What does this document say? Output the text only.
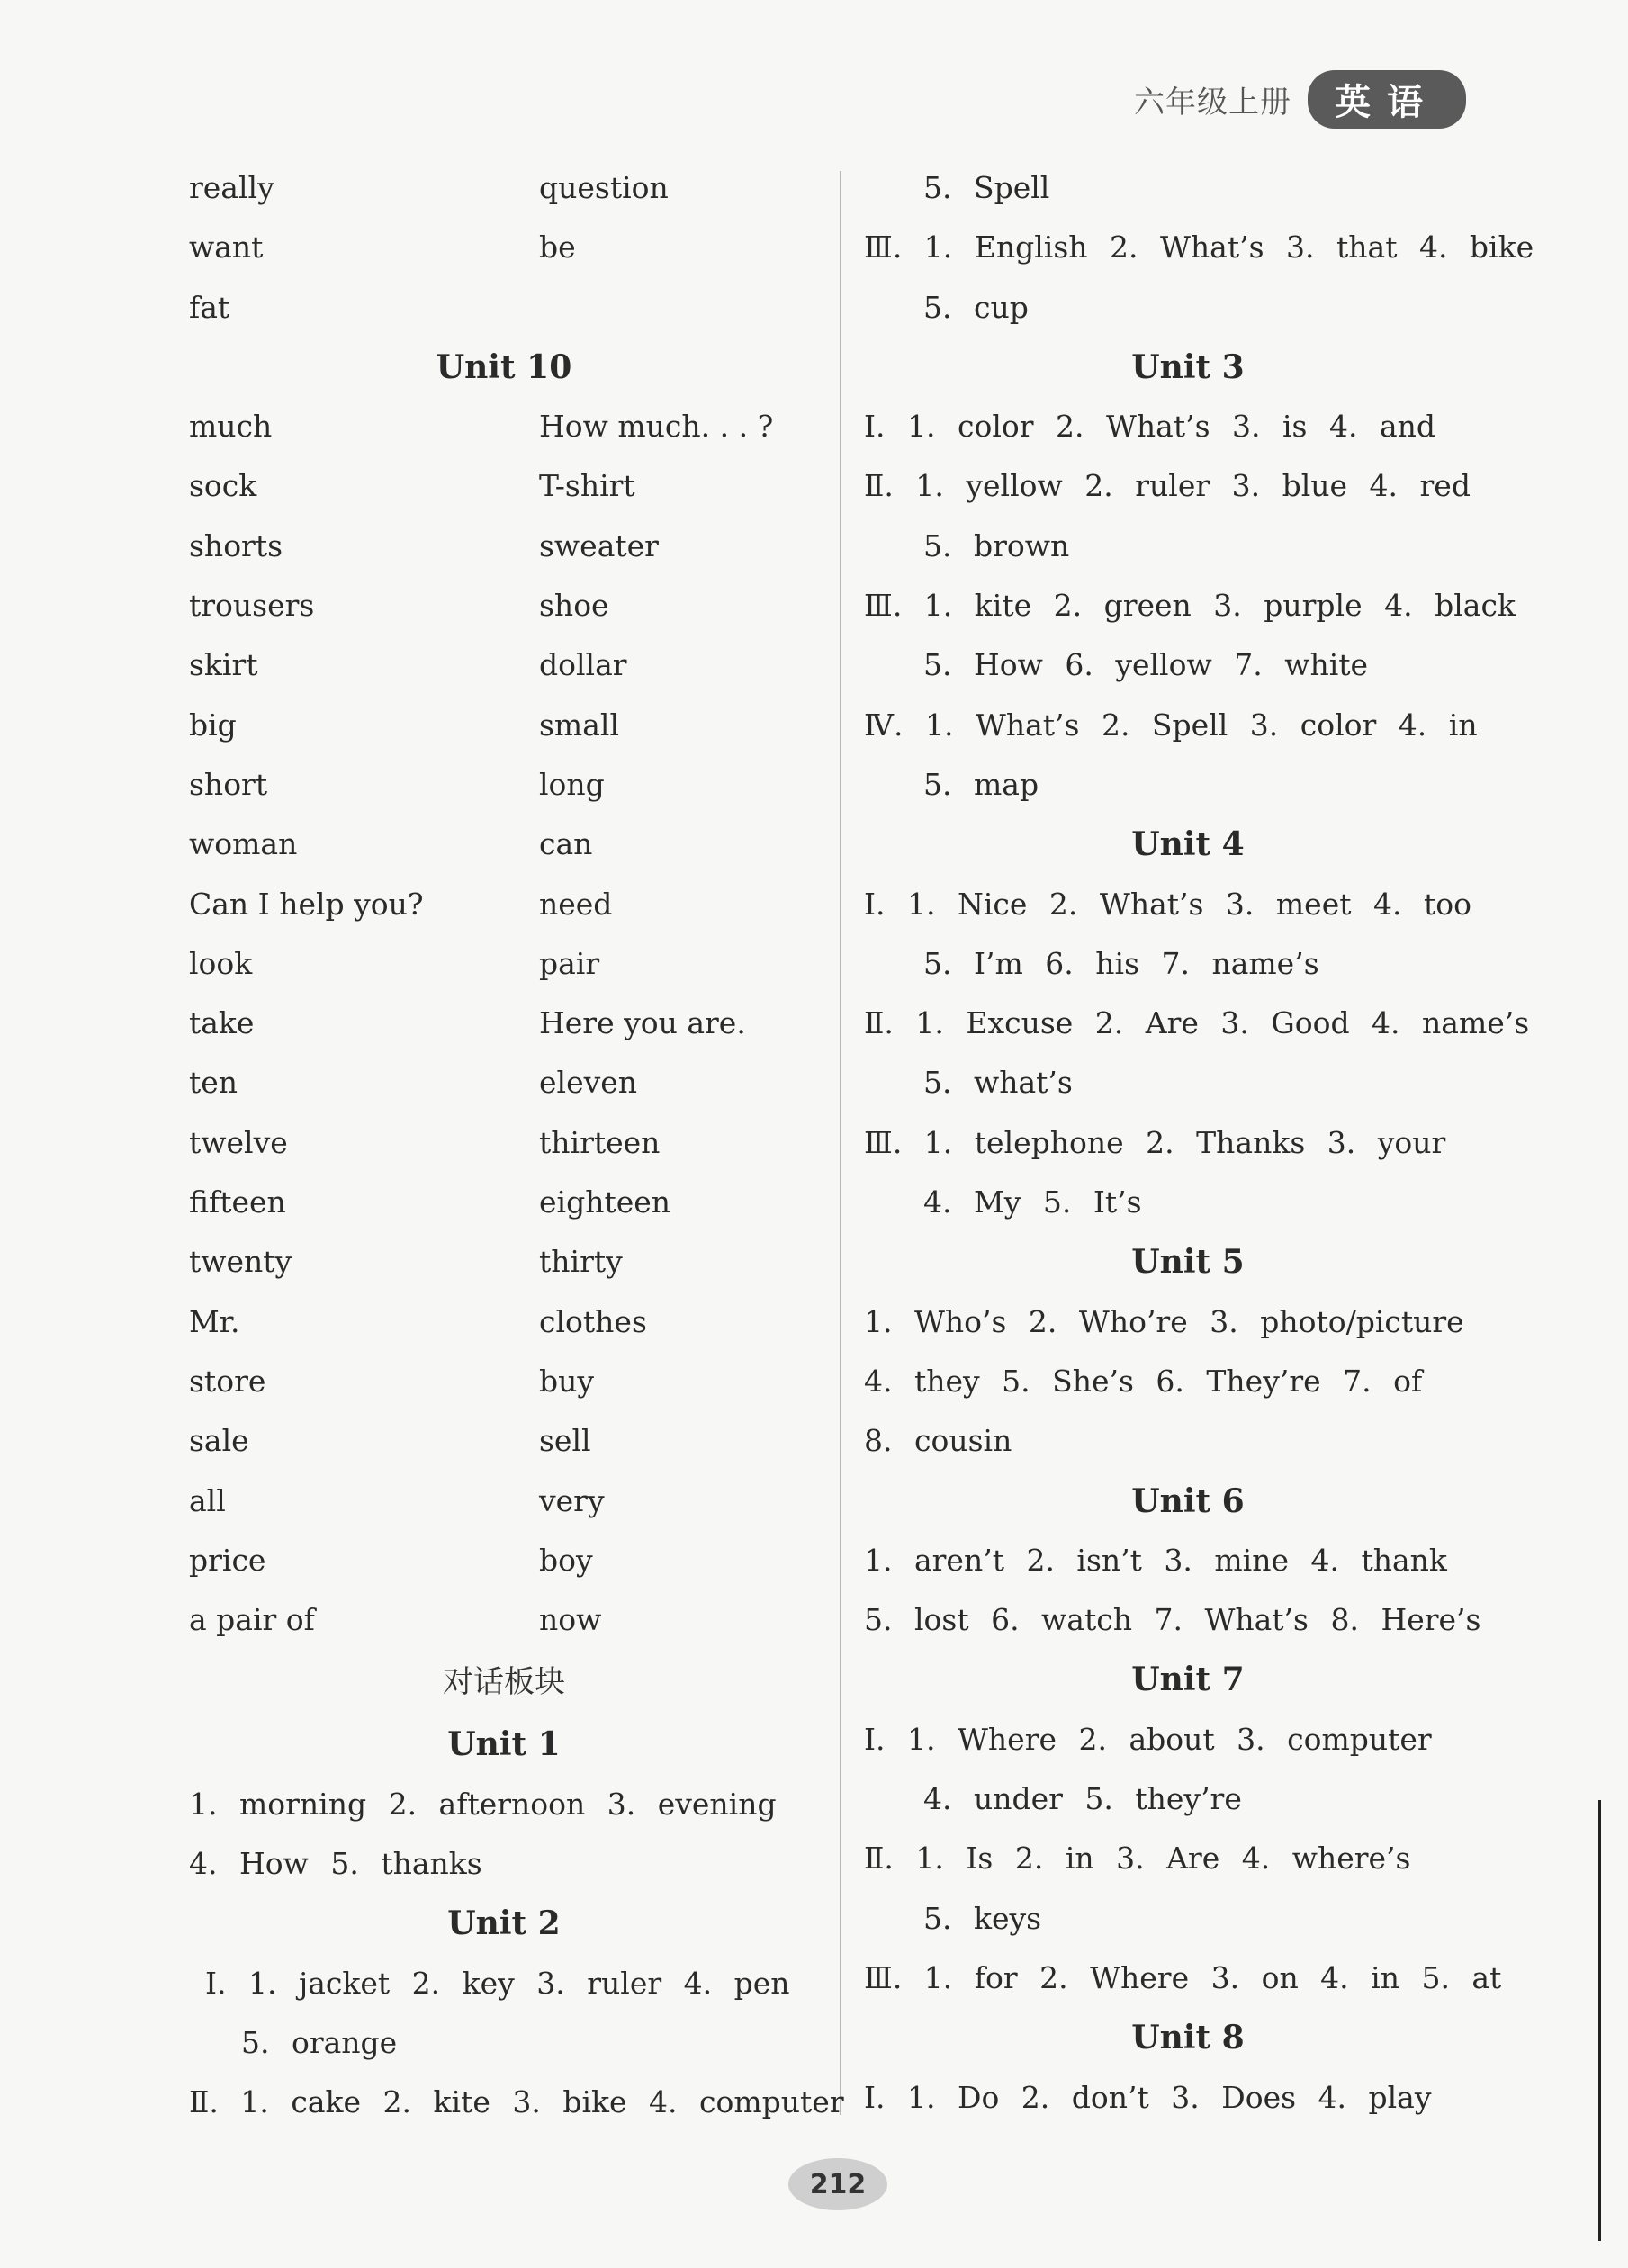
六年级上册	英语
really	question
want	be
fat
Unit 10
much	How much. . . ?
sock	T-shirt
shorts	sweater
trousers	shoe
skirt	dollar
big	small
short	long
woman	can
Can I help you?	need
look	pair
take	Here you are.
ten	eleven
twelve	thirteen
fifteen	eighteen
twenty	thirty
Mr.	clothes
store	buy
sale	sell
all	very
price	boy
a pair of	now
对话板块
Unit 1
1. morning 2. afternoon 3. evening
4. How 5. thanks
Unit 2
Ⅰ. 1. jacket 2. key 3. ruler 4. pen
5. orange
Ⅱ. 1. cake 2. kite 3. bike 4. computer
5. Spell
Ⅲ. 1. English 2. What’s 3. that 4. bike
5. cup
Unit 3
Ⅰ. 1. color 2. What’s 3. is 4. and
Ⅱ. 1. yellow 2. ruler 3. blue 4. red
5. brown
Ⅲ. 1. kite 2. green 3. purple 4. black
5. How 6. yellow 7. white
Ⅳ. 1. What’s 2. Spell 3. color 4. in
5. map
Unit 4
Ⅰ. 1. Nice 2. What’s 3. meet 4. too
5. I’m 6. his 7. name’s
Ⅱ. 1. Excuse 2. Are 3. Good 4. name’s
5. what’s
Ⅲ. 1. telephone 2. Thanks 3. your
4. My 5. It’s
Unit 5
1. Who’s 2. Who’re 3. photo/picture
4. they 5. She’s 6. They’re 7. of
8. cousin
Unit 6
1. aren’t 2. isn’t 3. mine 4. thank
5. lost 6. watch 7. What’s 8. Here’s
Unit 7
Ⅰ. 1. Where 2. about 3. computer
4. under 5. they’re
Ⅱ. 1. Is 2. in 3. Are 4. where’s
5. keys
Ⅲ. 1. for 2. Where 3. on 4. in 5. at
Unit 8
Ⅰ. 1. Do 2. don’t 3. Does 4. play
212
